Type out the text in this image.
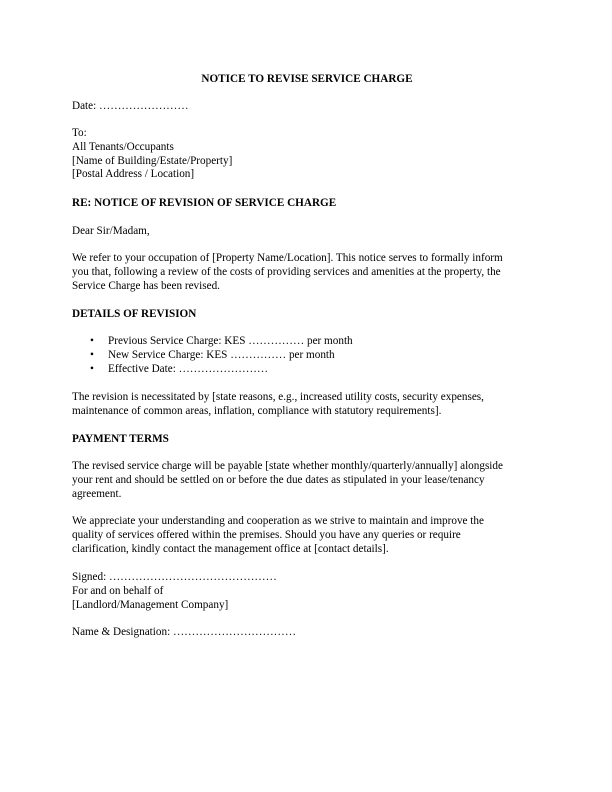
NOTICE TO REVISE SERVICE CHARGE

Date: ……………………

To:
All Tenants/Occupants
[Name of Building/Estate/Property]
[Postal Address / Location]

RE: NOTICE OF REVISION OF SERVICE CHARGE

Dear Sir/Madam,

We refer to your occupation of [Property Name/Location]. This notice serves to formally inform
you that, following a review of the costs of providing services and amenities at the property, the
Service Charge has been revised.

DETAILS OF REVISION

• Previous Service Charge: KES …………… per month
• New Service Charge: KES …………… per month
• Effective Date: ……………………
The revision is necessitated by [state reasons, e.g., increased utility costs, security expenses,
maintenance of common areas, inflation, compliance with statutory requirements].

PAYMENT TERMS

The revised service charge will be payable [state whether monthly/quarterly/annually] alongside
your rent and should be settled on or before the due dates as stipulated in your lease/tenancy
agreement.
We appreciate your understanding and cooperation as we strive to maintain and improve the
quality of services offered within the premises. Should you have any queries or require
clarification, kindly contact the management office at [contact details].
Signed: ………………………………………
For and on behalf of
[Landlord/Management Company]

Name & Designation: ……………………………
